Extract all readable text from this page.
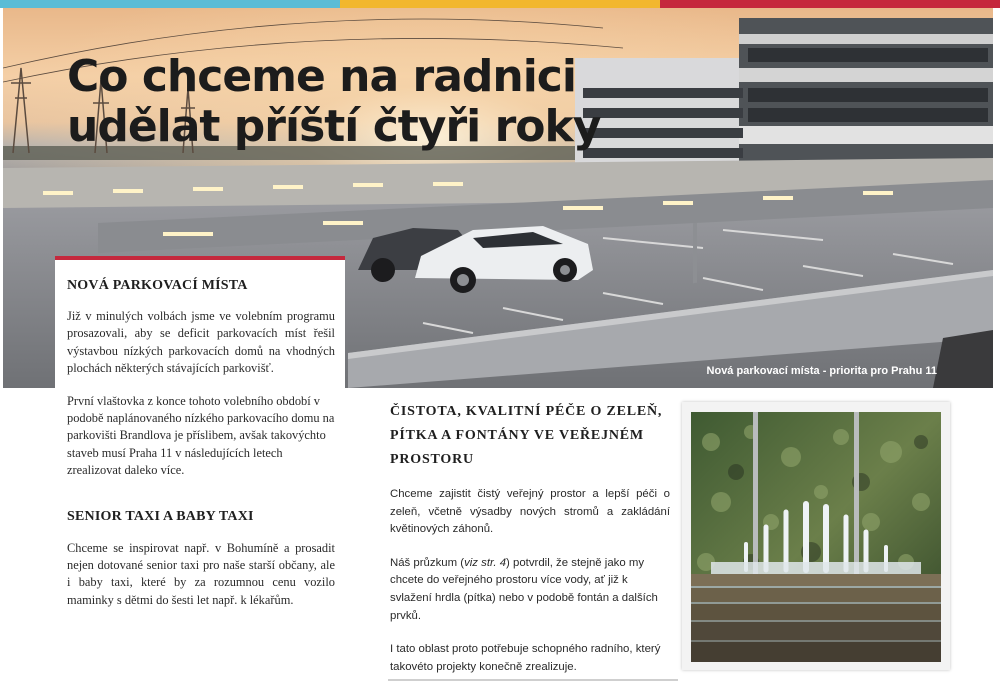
Co chceme na radnici
udělat příští čtyři roky
Nová parkovací místa - priorita pro Prahu 11
NOVÁ PARKOVACÍ MÍSTA

Již v minulých volbách jsme ve volebním programu prosazovali, aby se deficit parkovacích míst řešil výstavbou nízkých parkovacích domů na vhodných plochách některých stávajících parkovišť.

První vlaštovka z konce tohoto volebního období v podobě naplánovaného nízkého parkovacího domu na parkovišti Brandlova je příslibem, avšak takovýchto staveb musí Praha 11 v následujících letech zrealizovat daleko více.

SENIOR TAXI A BABY TAXI

Chceme se inspirovat např. v Bohumíně a prosadit nejen dotované senior taxi pro naše starší občany, ale i baby taxi, které by za rozumnou cenu vozilo maminky s dětmi do šesti let např. k lékařům.

ČISTOTA, KVALITNÍ PÉČE O ZELEŇ,
PÍTKA A FONTÁNY VE VEŘEJNÉM
PROSTORU

Chceme zajistit čistý veřejný prostor a lepší péči o zeleň, včetně výsadby nových stromů a zakládání květinových záhonů.

Náš průzkum (viz str. 4) potvrdil, že stejně jako my chcete do veřejného prostoru více vody, ať již k svlažení hrdla (pítka) nebo v podobě fontán a dalších prvků.

I tato oblast proto potřebuje schopného radního, který takovéto projekty konečně zrealizuje.
